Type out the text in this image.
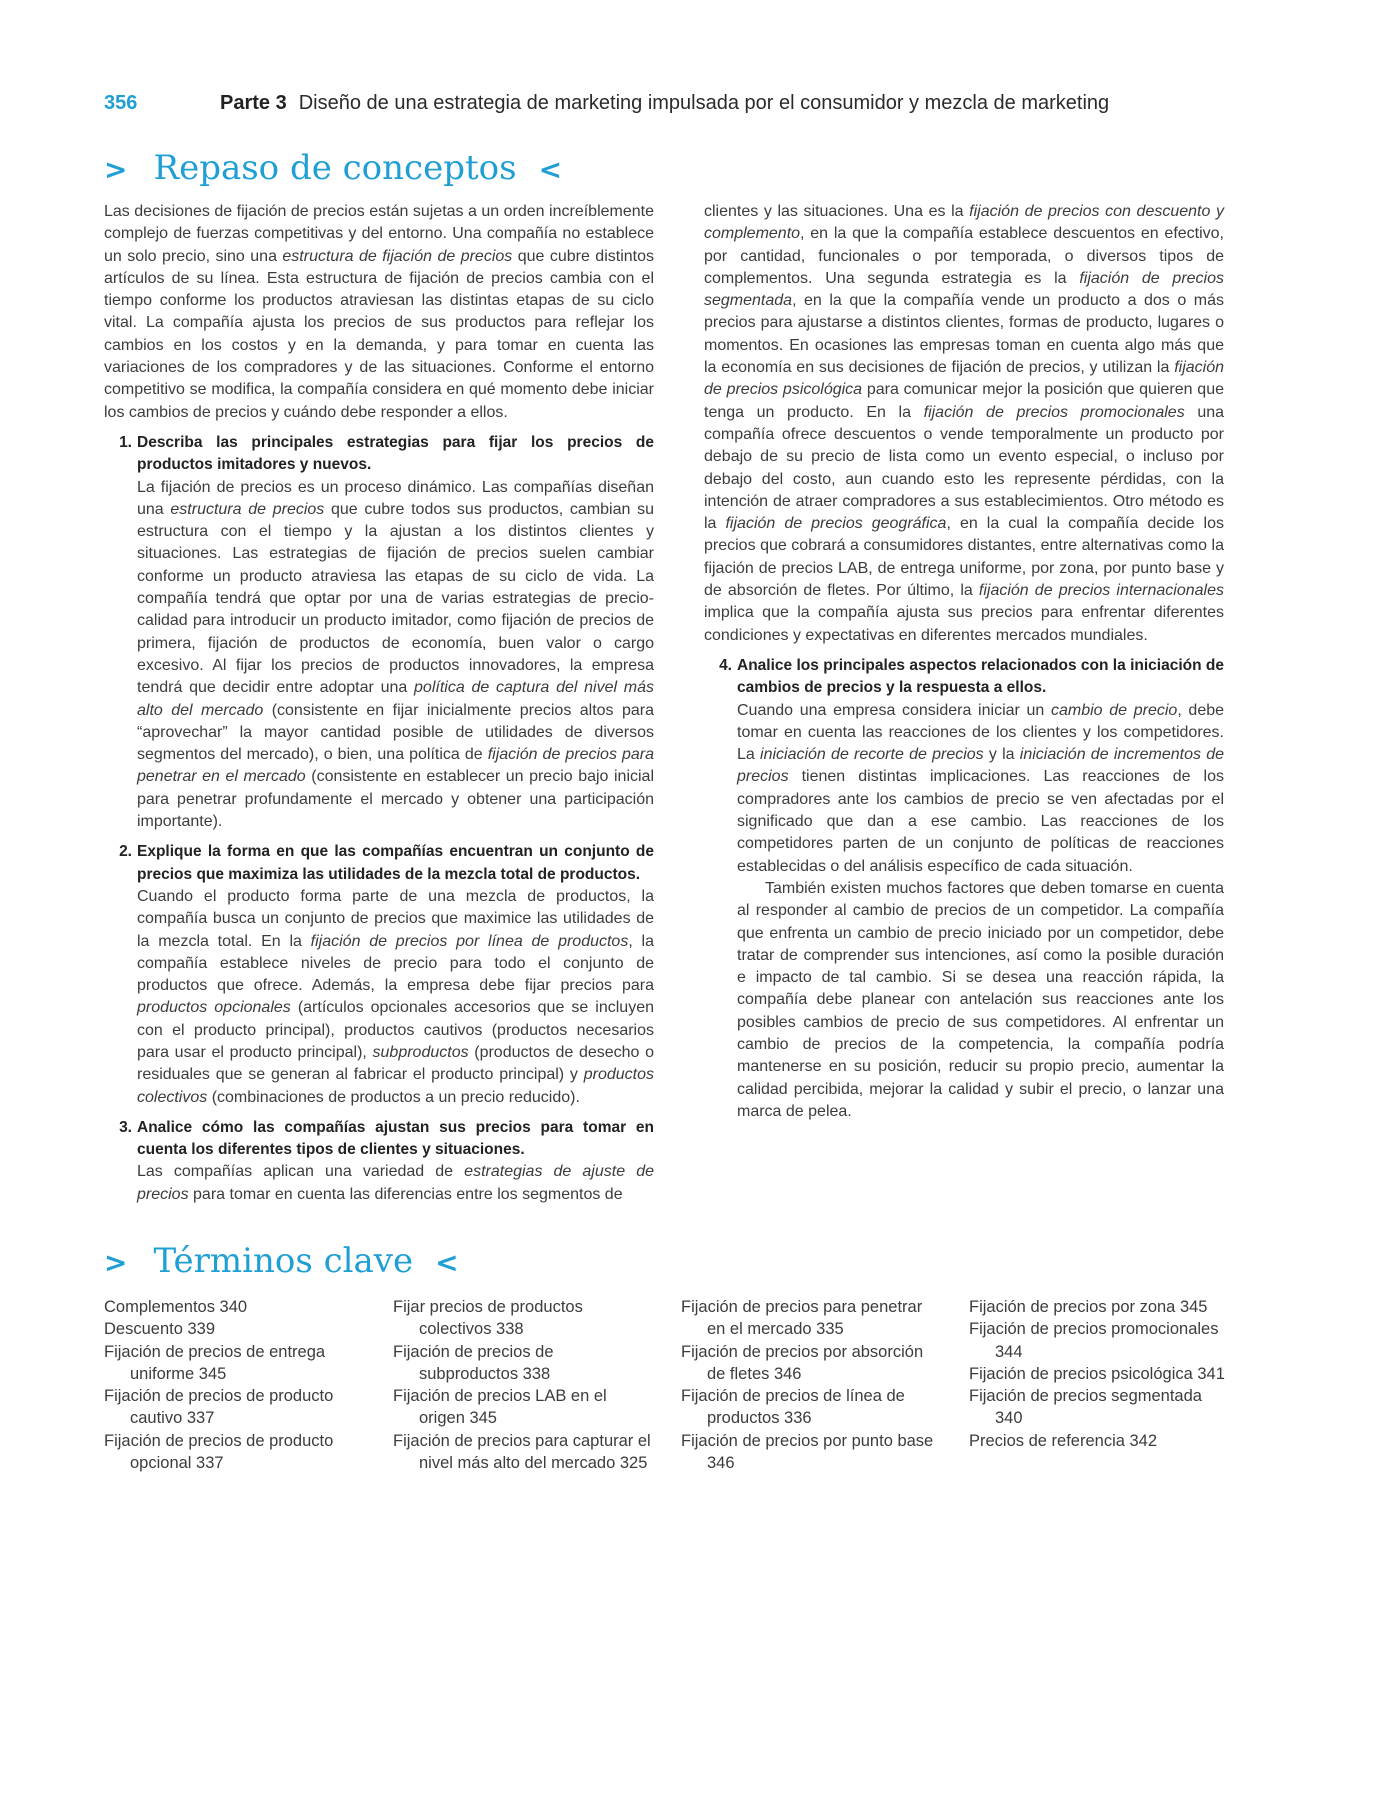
356	Parte 3 Diseño de una estrategia de marketing impulsada por el consumidor y mezcla de marketing
> Repaso de conceptos <

Las decisiones de fijación de precios están sujetas a un orden increíblemente complejo de fuerzas competitivas y del entorno. Una compañía no establece un solo precio, sino una estructura de fijación de precios que cubre distintos artículos de su línea. Esta estructura de fijación de precios cambia con el tiempo conforme los productos atraviesan las distintas etapas de su ciclo vital. La compañía ajusta los precios de sus productos para reflejar los cambios en los costos y en la demanda, y para tomar en cuenta las variaciones de los compradores y de las situaciones. Conforme el entorno competitivo se modifica, la compañía considera en qué momento debe iniciar los cambios de precios y cuándo debe responder a ellos.

1. Describa las principales estrategias para fijar los precios de productos imitadores y nuevos.

La fijación de precios es un proceso dinámico. Las compañías diseñan una estructura de precios que cubre todos sus productos, cambian su estructura con el tiempo y la ajustan a los distintos clientes y situaciones. Las estrategias de fijación de precios suelen cambiar conforme un producto atraviesa las etapas de su ciclo de vida. La compañía tendrá que optar por una de varias estrategias de precio-calidad para introducir un producto imitador, como fijación de precios de primera, fijación de productos de economía, buen valor o cargo excesivo. Al fijar los precios de productos innovadores, la empresa tendrá que decidir entre adoptar una política de captura del nivel más alto del mercado (consistente en fijar inicialmente precios altos para “aprovechar” la mayor cantidad posible de utilidades de diversos segmentos del mercado), o bien, una política de fijación de precios para penetrar en el mercado (consistente en establecer un precio bajo inicial para penetrar profundamente el mercado y obtener una participación importante).

2. Explique la forma en que las compañías encuentran un conjunto de precios que maximiza las utilidades de la mezcla total de productos.

Cuando el producto forma parte de una mezcla de productos, la compañía busca un conjunto de precios que maximice las utilidades de la mezcla total. En la fijación de precios por línea de productos, la compañía establece niveles de precio para todo el conjunto de productos que ofrece. Además, la empresa debe fijar precios para productos opcionales (artículos opcionales accesorios que se incluyen con el producto principal), productos cautivos (productos necesarios para usar el producto principal), subproductos (productos de desecho o residuales que se generan al fabricar el producto principal) y productos colectivos (combinaciones de productos a un precio reducido).

3. Analice cómo las compañías ajustan sus precios para tomar en cuenta los diferentes tipos de clientes y situaciones.

Las compañías aplican una variedad de estrategias de ajuste de precios para tomar en cuenta las diferencias entre los segmentos de

clientes y las situaciones. Una es la fijación de precios con descuento y complemento, en la que la compañía establece descuentos en efectivo, por cantidad, funcionales o por temporada, o diversos tipos de complementos. Una segunda estrategia es la fijación de precios segmentada, en la que la compañía vende un producto a dos o más precios para ajustarse a distintos clientes, formas de producto, lugares o momentos. En ocasiones las empresas toman en cuenta algo más que la economía en sus decisiones de fijación de precios, y utilizan la fijación de precios psicológica para comunicar mejor la posición que quieren que tenga un producto. En la fijación de precios promocionales una compañía ofrece descuentos o vende temporalmente un producto por debajo de su precio de lista como un evento especial, o incluso por debajo del costo, aun cuando esto les represente pérdidas, con la intención de atraer compradores a sus establecimientos. Otro método es la fijación de precios geográfica, en la cual la compañía decide los precios que cobrará a consumidores distantes, entre alternativas como la fijación de precios LAB, de entrega uniforme, por zona, por punto base y de absorción de fletes. Por último, la fijación de precios internacionales implica que la compañía ajusta sus precios para enfrentar diferentes condiciones y expectativas en diferentes mercados mundiales.

4. Analice los principales aspectos relacionados con la iniciación de cambios de precios y la respuesta a ellos.

Cuando una empresa considera iniciar un cambio de precio, debe tomar en cuenta las reacciones de los clientes y los competidores. La iniciación de recorte de precios y la iniciación de incrementos de precios tienen distintas implicaciones. Las reacciones de los compradores ante los cambios de precio se ven afectadas por el significado que dan a ese cambio. Las reacciones de los competidores parten de un conjunto de políticas de reacciones establecidas o del análisis específico de cada situación.

También existen muchos factores que deben tomarse en cuenta al responder al cambio de precios de un competidor. La compañía que enfrenta un cambio de precio iniciado por un competidor, debe tratar de comprender sus intenciones, así como la posible duración e impacto de tal cambio. Si se desea una reacción rápida, la compañía debe planear con antelación sus reacciones ante los posibles cambios de precio de sus competidores. Al enfrentar un cambio de precios de la competencia, la compañía podría mantenerse en su posición, reducir su propio precio, aumentar la calidad percibida, mejorar la calidad y subir el precio, o lanzar una marca de pelea.

> Términos clave <
Complementos 340
Descuento 339
Fijación de precios de entrega uniforme 345
Fijación de precios de producto cautivo 337
Fijación de precios de producto opcional 337
Fijar precios de productos colectivos 338
Fijación de precios de subproductos 338
Fijación de precios LAB en el origen 345
Fijación de precios para capturar el nivel más alto del mercado 325
Fijación de precios para penetrar en el mercado 335
Fijación de precios por absorción de fletes 346
Fijación de precios de línea de productos 336
Fijación de precios por punto base 346
Fijación de precios por zona 345
Fijación de precios promocionales 344
Fijación de precios psicológica 341
Fijación de precios segmentada 340
Precios de referencia 342
